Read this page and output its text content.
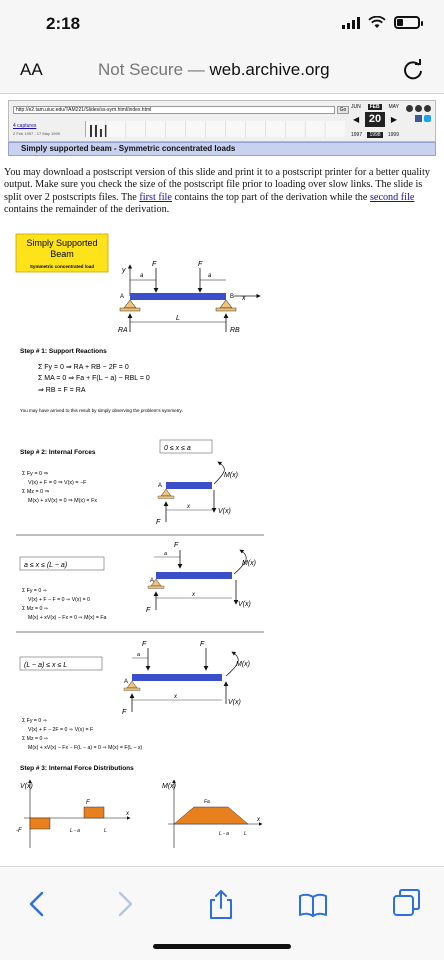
2:18
AA	Not Secure — web.archive.org
http://e2.tam.uiuc.edu/TAM221/Slides/ss-sym.html/index.html	Go
4 captures
2 Feb 1997 - 17 May 1999
JUN	FEB	MAY
◀ 20	▶
1997	1998	1999
Simply supported beam - Symmetric concentrated loads

You may download a postscript version of this slide and print it to a postscript printer for a better quality output. Make sure you check the size of the postscript file prior to loading over slow links. The slide is split over 2 postscripts files. The first file contains the top part of the derivation while the second file contains the remainder of the derivation.

Simply Supported
Beam
Symmetric concentrated load
y
x
a	a
F	F
A	B
L
RA	RB
Step # 1: Support Reactions
Σ Fy = 0 ⇒ RA + RB − 2F = 0
Σ MA = 0 ⇒ Fa + F(L − a) − RBL = 0
⇒ RB = F = RA
You may have arrived to this result by simply observing the problem's symmetry.
Step # 2: Internal Forces
0 ≤ x ≤ a
Σ Fy = 0 ⇒
V(x) + F = 0 ⇒ V(x) = −F
Σ Mz = 0 ⇒
M(x) + xV(x) = 0 ⇒ M(x) = Fx
A
F
x
M(x)
V(x)
a ≤ x ≤ (L − a)
Σ Fy = 0 ⇒
V(x) + F − F = 0 ⇒ V(x) = 0
Σ Mz = 0 ⇒
M(x) + xV(x) − Fx = 0 ⇒ M(x) = Fa
F
a
A
F
x
M(x)
V(x)
(L − a) ≤ x ≤ L
F	F
a
A
F
x
M(x)
V(x)
Σ Fy = 0 ⇒
V(x) + F − 2F = 0 ⇒ V(x) = F
Σ Mz = 0 ⇒
M(x) + xV(x) − Fx − F(L − a) = 0 ⇒ M(x) = F(L − x)
Step # 3: Internal Force Distributions
V(x)
F
-F
x
L - a	L
M(x)
Fa
x
L - a	L
